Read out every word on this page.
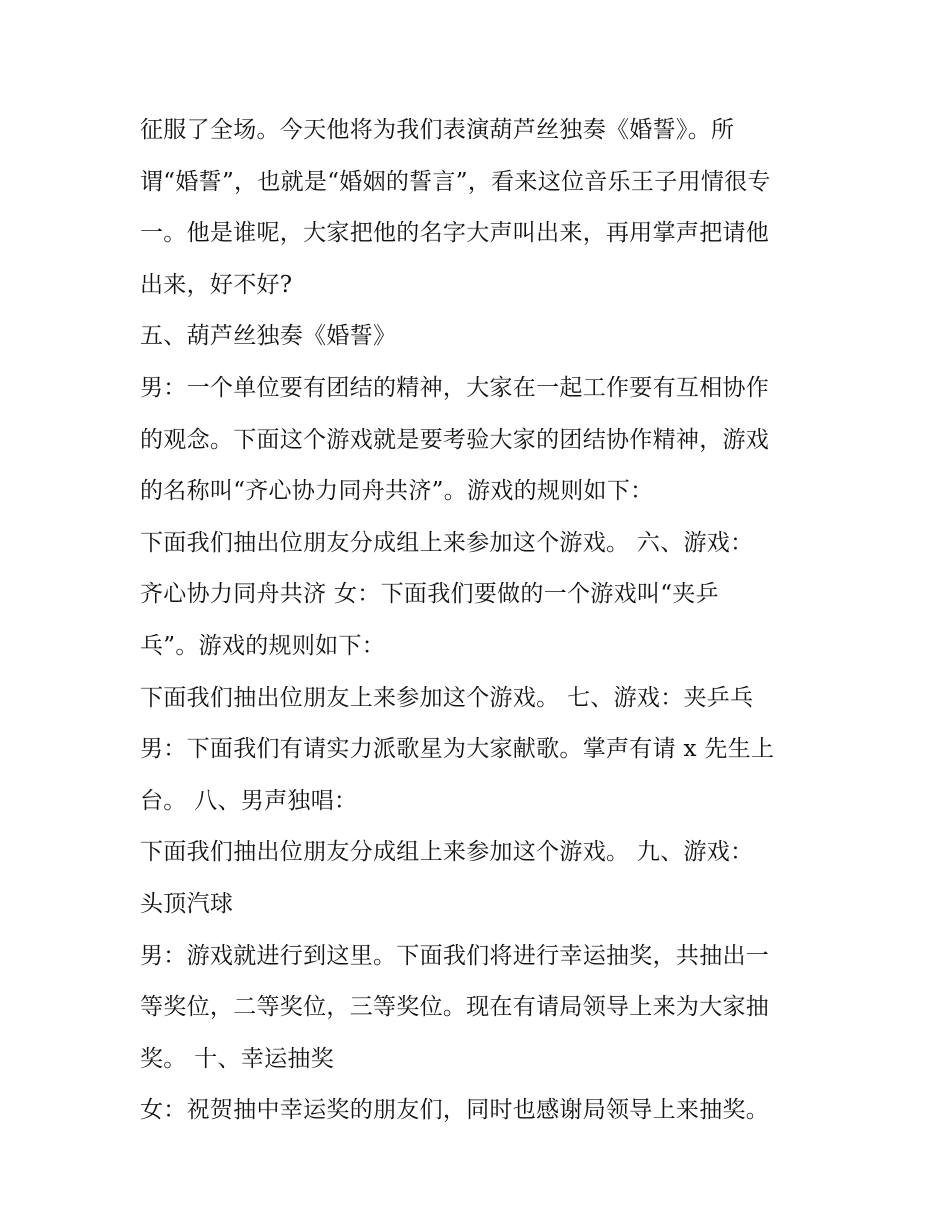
征服了全场。今天他将为我们表演葫芦丝独奏《婚誓》。所
谓“婚誓”，也就是“婚姻的誓言”，看来这位音乐王子用情很专
一。他是谁呢，大家把他的名字大声叫出来，再用掌声把请他
出来，好不好?
五、葫芦丝独奏《婚誓》
男：一个单位要有团结的精神，大家在一起工作要有互相协作
的观念。下面这个游戏就是要考验大家的团结协作精神，游戏
的名称叫“齐心协力同舟共济”。游戏的规则如下：
下面我们抽出位朋友分成组上来参加这个游戏。 六、游戏：
齐心协力同舟共济 女：下面我们要做的一个游戏叫“夹乒
乓”。游戏的规则如下：
下面我们抽出位朋友上来参加这个游戏。 七、游戏：夹乒乓
男：下面我们有请实力派歌星为大家献歌。掌声有请 x 先生上
台。 八、男声独唱：
下面我们抽出位朋友分成组上来参加这个游戏。 九、游戏：
头顶汽球
男：游戏就进行到这里。下面我们将进行幸运抽奖，共抽出一
等奖位，二等奖位，三等奖位。现在有请局领导上来为大家抽
奖。 十、幸运抽奖
女：祝贺抽中幸运奖的朋友们，同时也感谢局领导上来抽奖。
